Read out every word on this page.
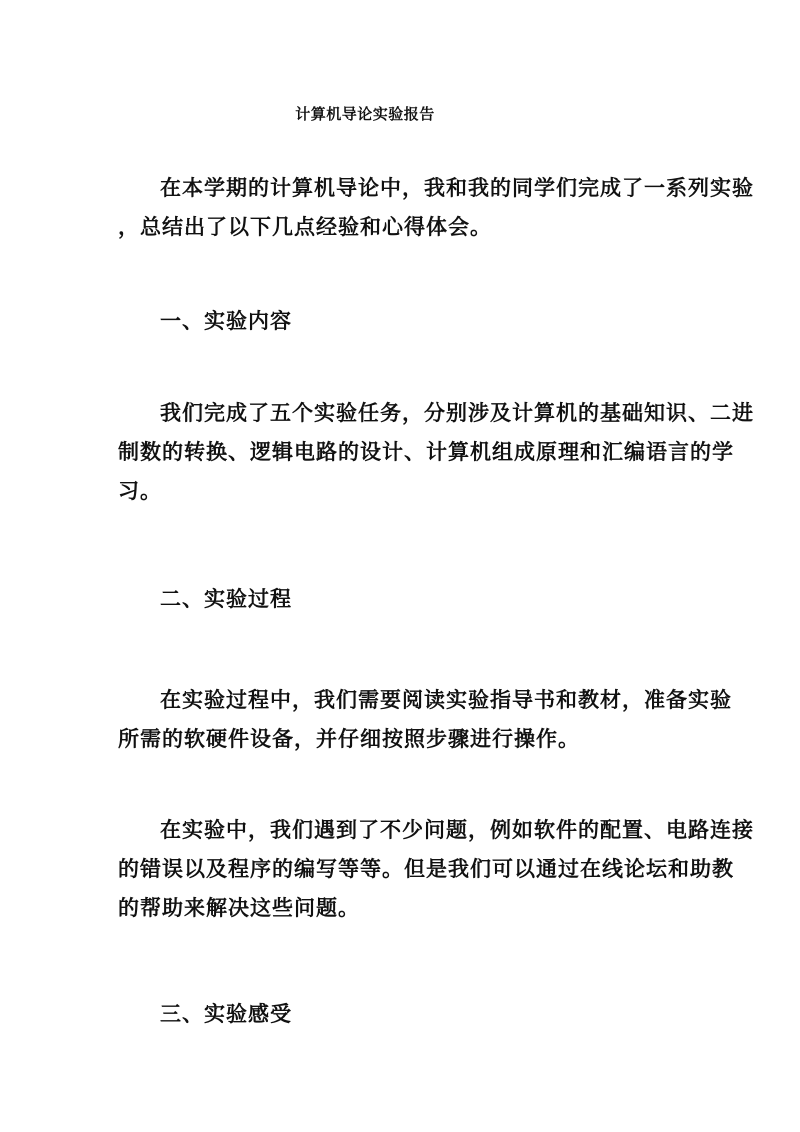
计算机导论实验报告
在本学期的计算机导论中，我和我的同学们完成了一系列实验
，总结出了以下几点经验和心得体会。
一、实验内容
我们完成了五个实验任务，分别涉及计算机的基础知识、二进
制数的转换、逻辑电路的设计、计算机组成原理和汇编语言的学
习。
二、实验过程
在实验过程中，我们需要阅读实验指导书和教材，准备实验
所需的软硬件设备，并仔细按照步骤进行操作。
在实验中，我们遇到了不少问题，例如软件的配置、电路连接
的错误以及程序的编写等等。但是我们可以通过在线论坛和助教
的帮助来解决这些问题。
三、实验感受
